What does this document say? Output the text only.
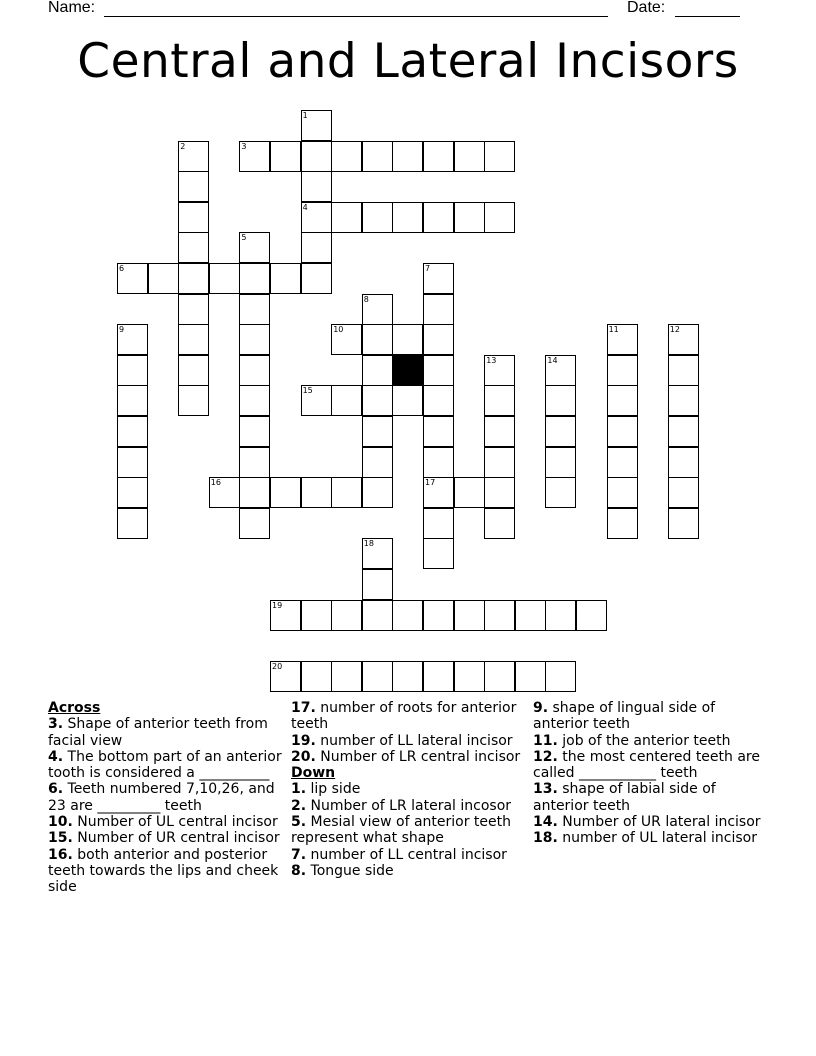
Name:	Date:
Central and Lateral Incisors
1
4
2	3
5
6	7
17
8
9	10	11	12
13	14
15
16
18
19
20
Across
3. Shape of anterior teeth from facial view
4. The bottom part of an anterior tooth is considered a __________
6. Teeth numbered 7,10,26, and 23 are _________ teeth
10. Number of UL central incisor
15. Number of UR central incisor
16. both anterior and posterior teeth towards the lips and cheek side
17. number of roots for anterior teeth
19. number of LL lateral incisor
20. Number of LR central incisor
Down
1. lip side
2. Number of LR lateral incosor
5. Mesial view of anterior teeth represent what shape
7. number of LL central incisor
8. Tongue side
9. shape of lingual side of anterior teeth
11. job of the anterior teeth
12. the most centered teeth are called ___________ teeth
13. shape of labial side of anterior teeth
14. Number of UR lateral incisor
18. number of UL lateral incisor
